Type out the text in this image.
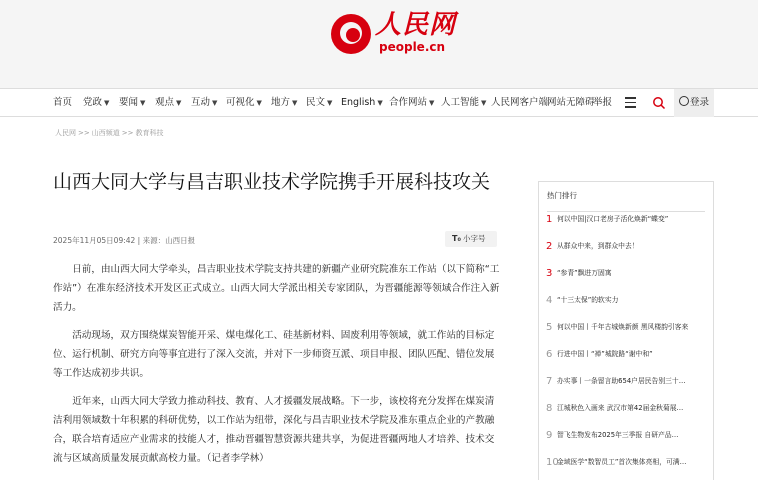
人民网
people.cn
登录
首页 党政 ▼ 要闻 ▼ 观点 ▼ 互动 ▼ 可视化 ▼ 地方 ▼ 民文 ▼ English ▼ 合作网站 ▼ 人工智能 ▼ 人民网客户端
网站无障碍
举报
人民网 >> 山西频道 >> 教育科技
山西大同大学与昌吉职业技术学院携手开展科技攻关
2025年11月05日09:42 | 来源：山西日报	T₀ 小字号

日前，由山西大同大学牵头，昌吉职业技术学院支持共建的新疆产业研究院准东工作站（以下简称“工作站”）在准东经济技术开发区正式成立。山西大同大学派出相关专家团队，为晋疆能源等领域合作注入新活力。

活动现场，双方围绕煤炭智能开采、煤电煤化工、硅基新材料、固废利用等领域，就工作站的目标定位、运行机制、研究方向等事宜进行了深入交流，并对下一步师资互派、项目申报、团队匹配、错位发展等工作达成初步共识。

近年来，山西大同大学致力推动科技、教育、人才援疆发展战略。下一步，该校将充分发挥在煤炭清洁利用领域数十年积累的科研优势，以工作站为纽带，深化与昌吉职业技术学院及准东重点企业的产教融合，联合培育适应产业需求的技能人才，推动晋疆智慧资源共建共享，为促进晋疆两地人才培养、技术交流与区域高质量发展贡献高校力量。（记者李学林）

热门排行
1 何以中国|汉口老房子活化焕新“蝶变”
2 从群众中来，到群众中去！
3 “参青”飘进万固寓
4 “十三太保”的软实力
5 何以中国丨千年古城焕新颜 黑风楼韵引客来
6 行进中国丨“禅”城院路“谢中和”
7 办实事丨一条留言助654户居民告别三十…
8 江城秋色入画来 武汉市第42届金秋菊展…
9 智飞生物发布2025年三季报 自研产品…
10金域医学“数智员工”首次集体亮相，可满…
